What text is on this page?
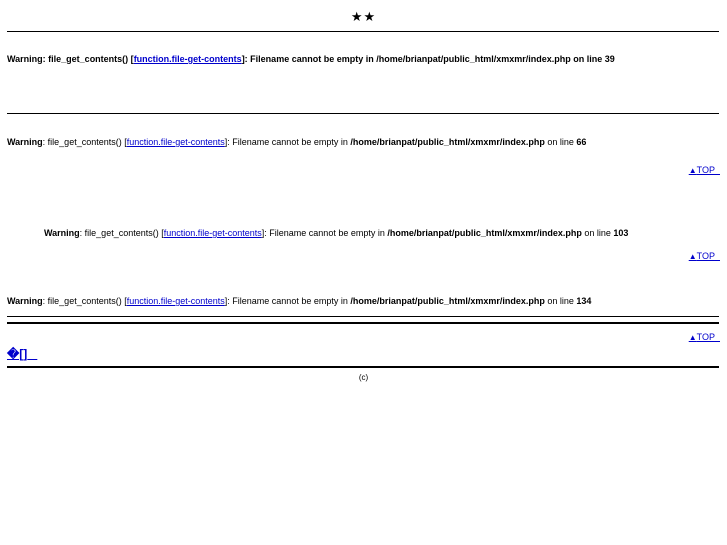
★★
Warning: file_get_contents() [function.file-get-contents]: Filename cannot be empty in /home/brianpat/public_html/xmxmr/index.php on line 39
Warning: file_get_contents() [function.file-get-contents]: Filename cannot be empty in /home/brianpat/public_html/xmxmr/index.php on line 66
▲TOP
Warning: file_get_contents() [function.file-get-contents]: Filename cannot be empty in /home/brianpat/public_html/xmxmr/index.php on line 103
▲TOP
Warning: file_get_contents() [function.file-get-contents]: Filename cannot be empty in /home/brianpat/public_html/xmxmr/index.php on line 134
▲TOP
�[]
(c)
